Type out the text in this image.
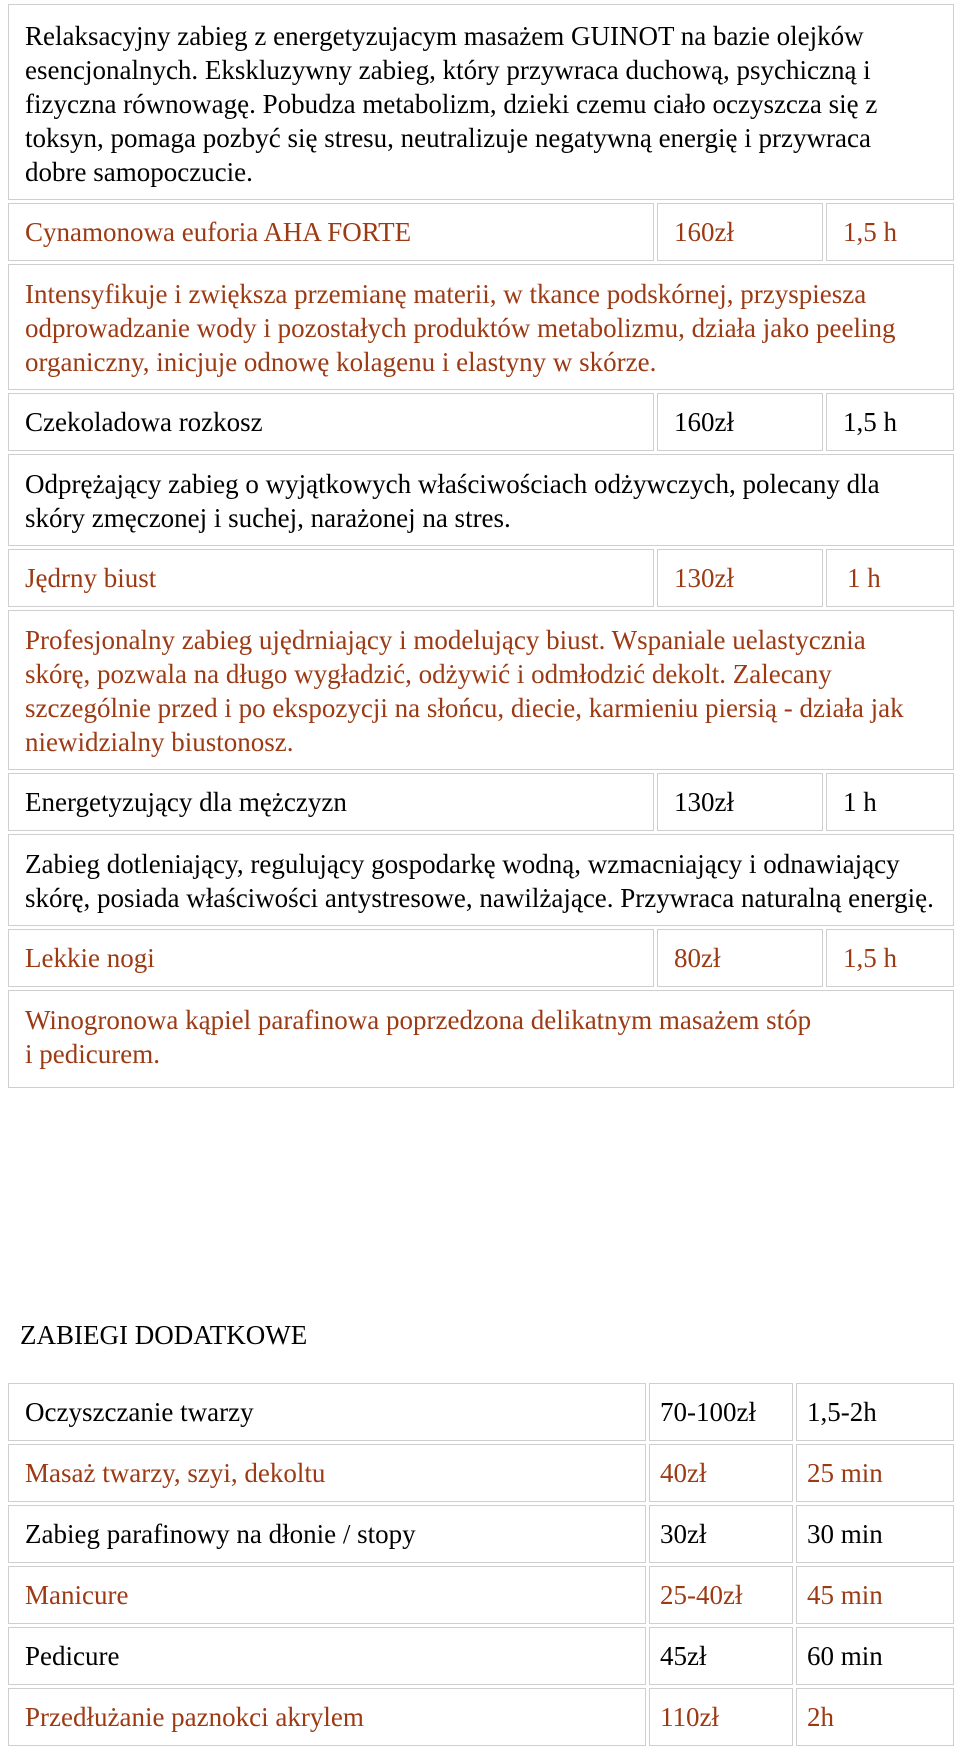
Relaksacyjny zabieg z energetyzujacym masażem GUINOT na bazie olejków esencjonalnych. Ekskluzywny zabieg, który przywraca duchową, psychiczną i fizyczna równowagę. Pobudza metabolizm, dzieki czemu ciało oczyszcza się z toksyn, pomaga pozbyć się stresu, neutralizuje negatywną energię i przywraca dobre samopoczucie.		
Cynamonowa euforia AHA FORTE	160zł	1,5 h
Intensyfikuje i zwiększa przemianę materii, w tkance podskórnej, przyspiesza odprowadzanie wody i pozostałych produktów metabolizmu, działa jako peeling organiczny, inicjuje odnowę kolagenu i elastyny w skórze.		
Czekoladowa rozkosz	160zł	1,5 h
Odprężający zabieg o wyjątkowych właściwościach odżywczych, polecany dla skóry zmęczonej i suchej, narażonej na stres.		
Jędrny biust	130zł	1 h
Profesjonalny zabieg ujędrniający i modelujący biust. Wspaniale uelastycznia skórę, pozwala na długo wygładzić, odżywić i odmłodzić dekolt. Zalecany szczególnie przed i po ekspozycji na słońcu, diecie, karmieniu piersią - działa jak niewidzialny biustonosz.		
Energetyzujący dla mężczyzn	130zł	1 h
Zabieg dotleniający, regulujący gospodarkę wodną, wzmacniający i odnawiający skórę, posiada właściwości antystresowe, nawilżające. Przywraca naturalną energię.		
Lekkie nogi	80zł	1,5 h

Winogronowa kąpiel parafinowa poprzedzona delikatnym masażem stóp
i pedicurem.		
ZABIEGI DODATKOWE
Oczyszczanie twarzy	70-100zł	1,5-2h
Masaż twarzy, szyi, dekoltu	40zł	25 min
Zabieg parafinowy na dłonie / stopy	30zł	30 min
Manicure	25-40zł	45 min
Pedicure	45zł	60 min
Przedłużanie paznokci akrylem	110zł	2h
